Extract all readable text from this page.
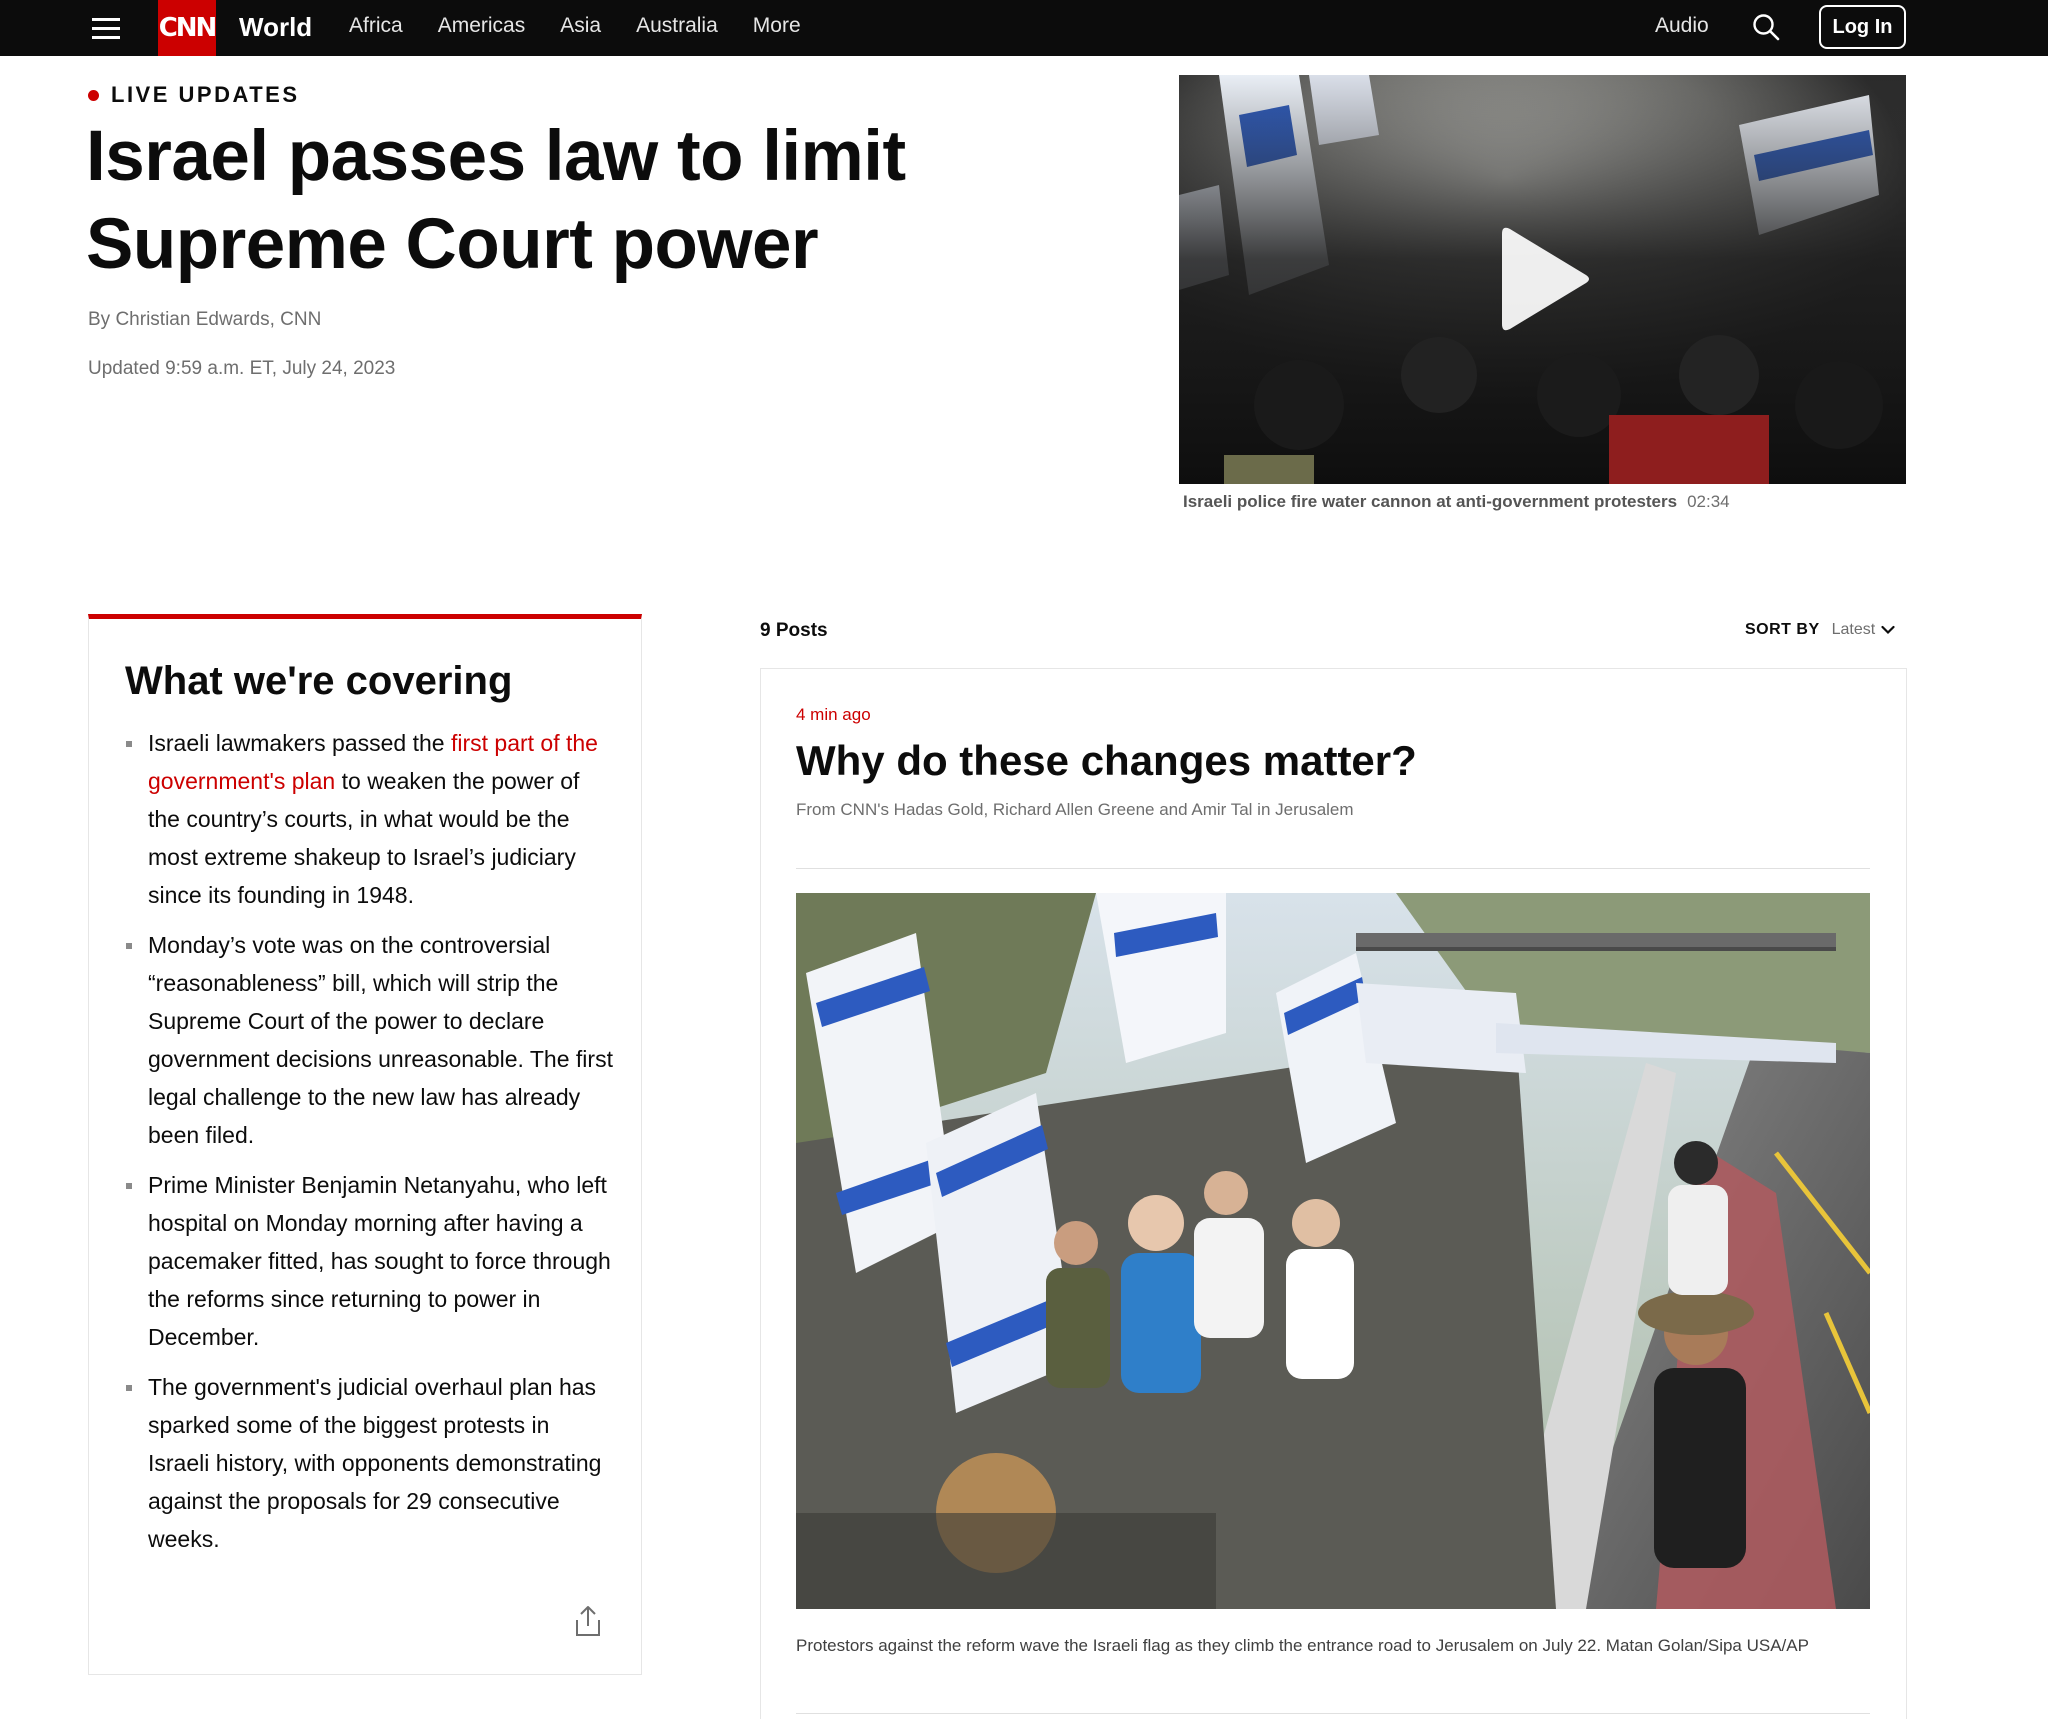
CNN World Africa Americas Asia Australia More	Audio	Log In
LIVE UPDATES
Israel passes law to limit Supreme Court power
By Christian Edwards, CNN
Updated 9:59 a.m. ET, July 24, 2023
Israeli police fire water cannon at anti-government protesters 02:34
What we're covering
Israeli lawmakers passed the first part of the government's plan to weaken the power of the country’s courts, in what would be the most extreme shakeup to Israel’s judiciary since its founding in 1948.
Monday’s vote was on the controversial “reasonableness” bill, which will strip the Supreme Court of the power to declare government decisions unreasonable. The first legal challenge to the new law has already been filed.
Prime Minister Benjamin Netanyahu, who left hospital on Monday morning after having a pacemaker fitted, has sought to force through the reforms since returning to power in December.
The government's judicial overhaul plan has sparked some of the biggest protests in Israeli history, with opponents demonstrating against the proposals for 29 consecutive weeks.
9 Posts	SORT BY Latest
4 min ago
Why do these changes matter?
From CNN's Hadas Gold, Richard Allen Greene and Amir Tal in Jerusalem
Protestors against the reform wave the Israeli flag as they climb the entrance road to Jerusalem on July 22. Matan Golan/Sipa USA/AP
